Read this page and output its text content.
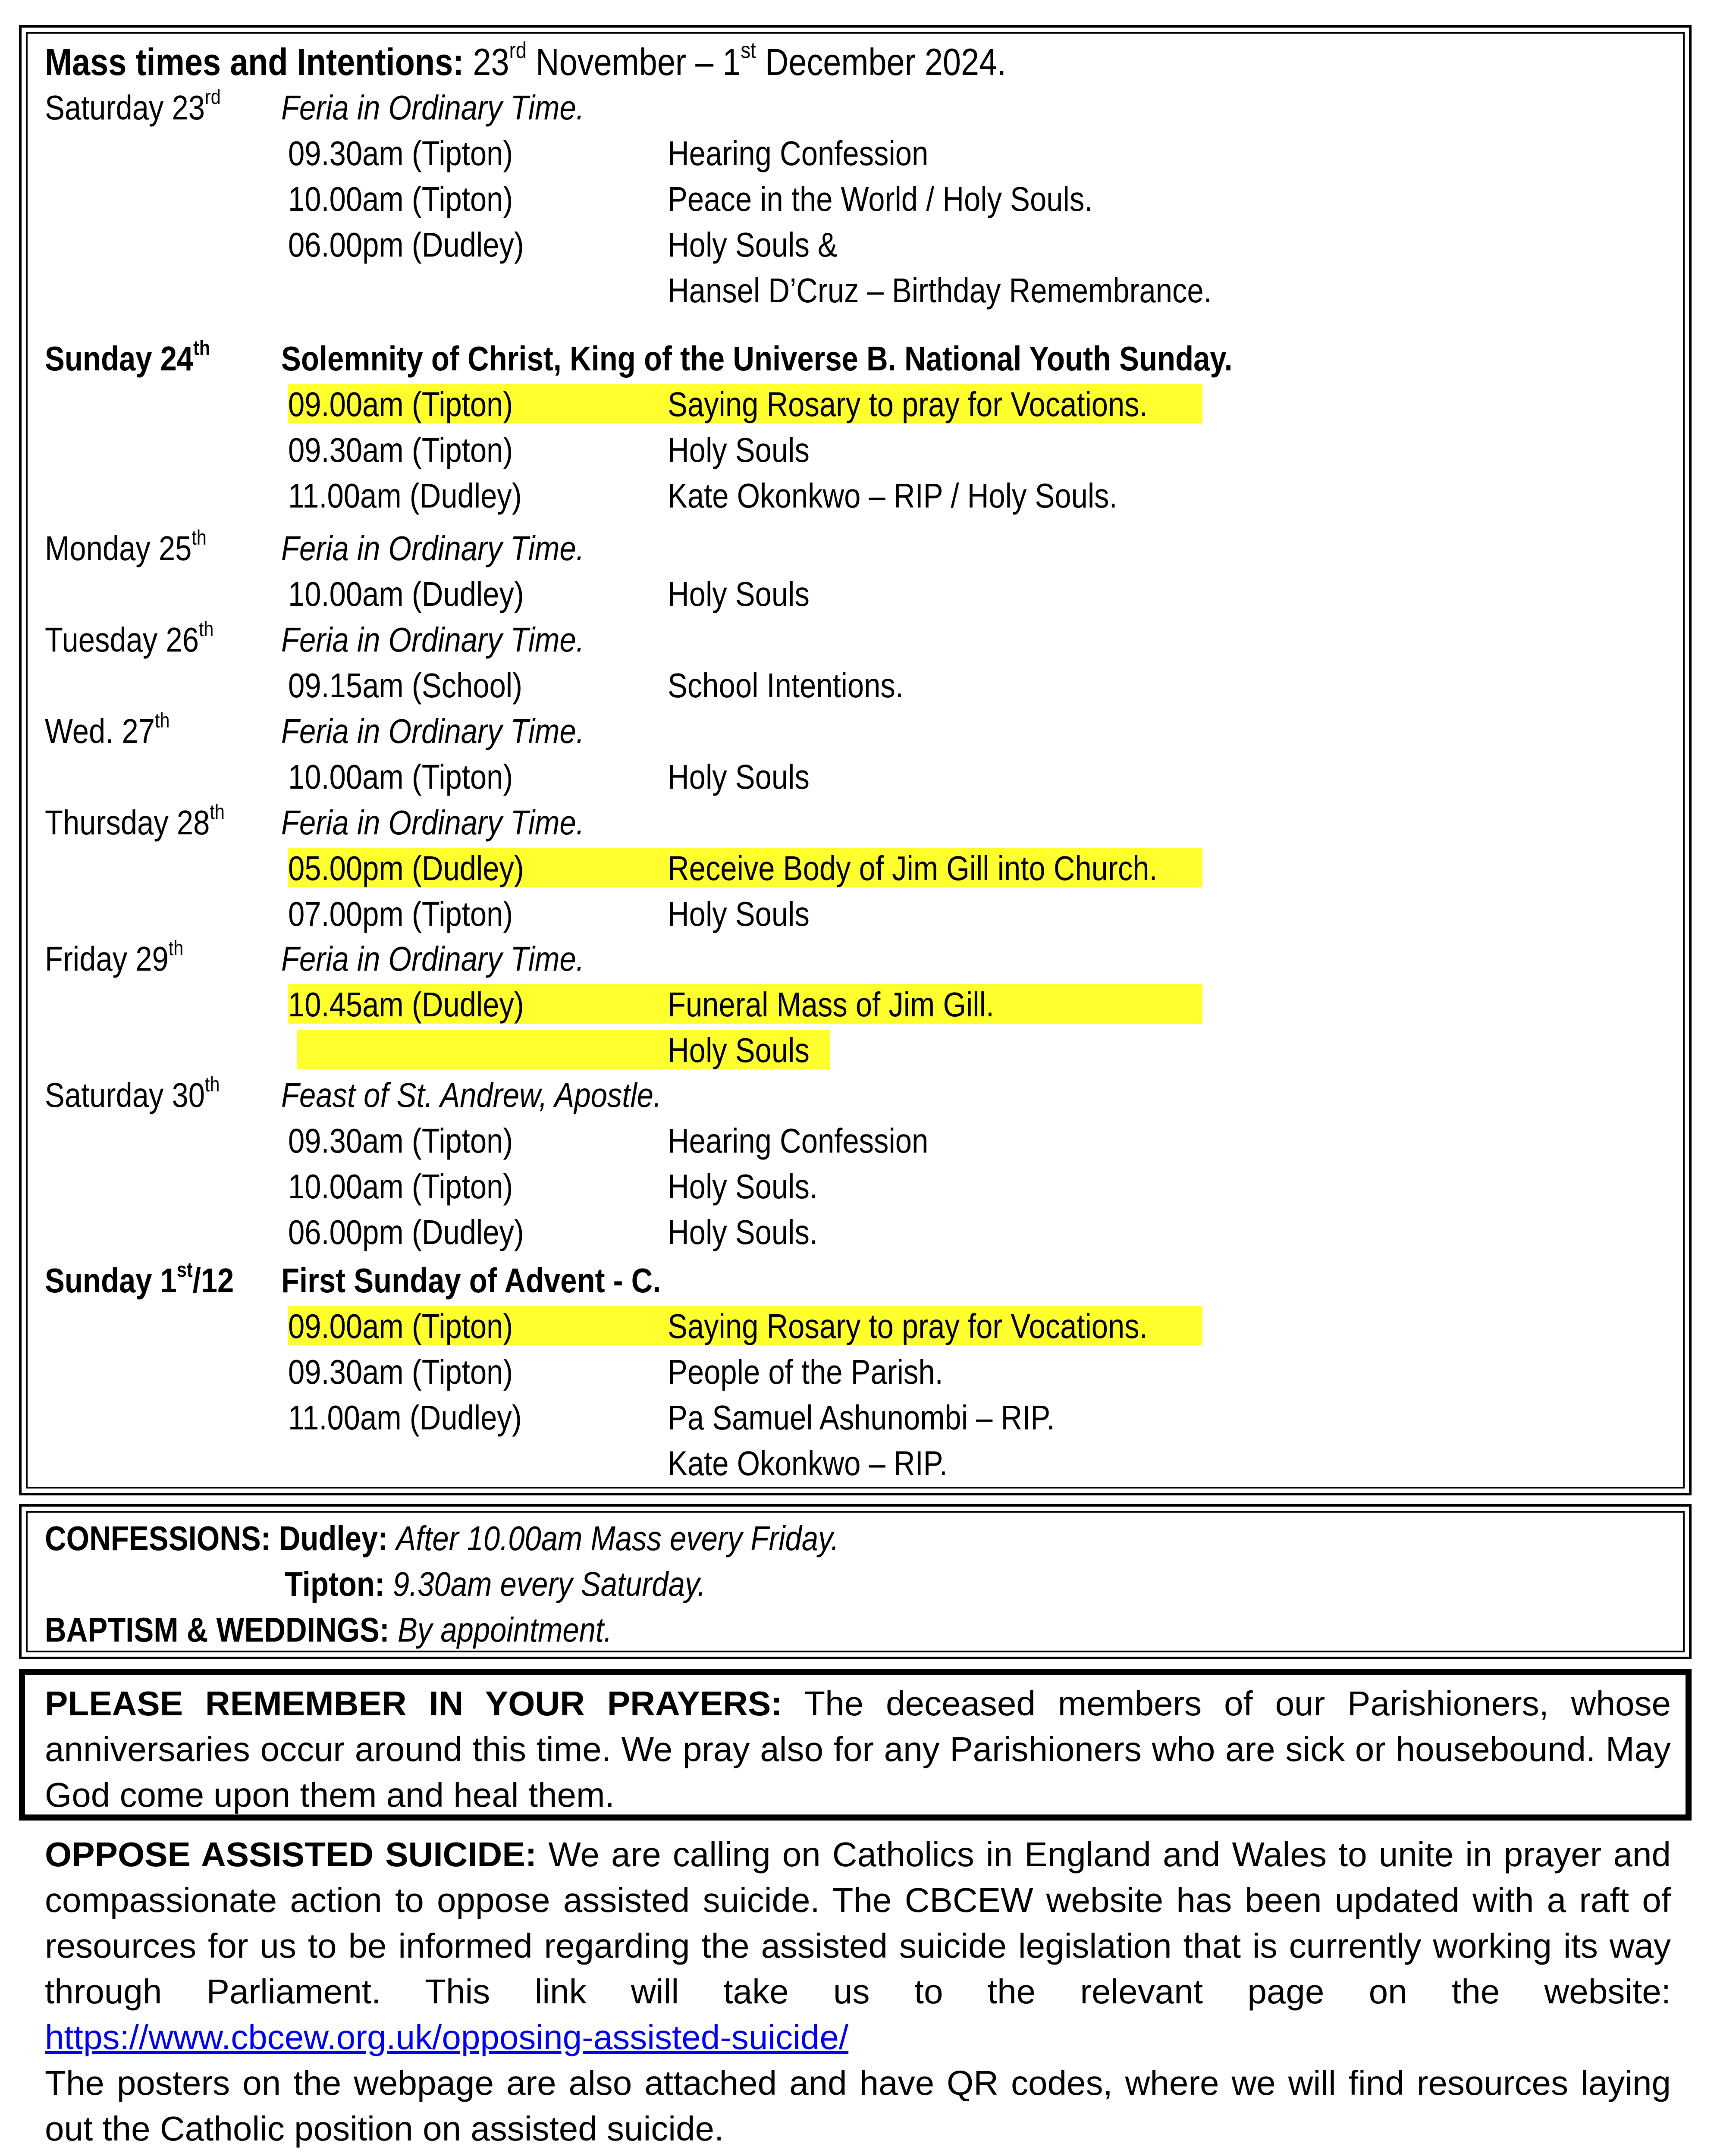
Mass times and Intentions: 23rd November – 1st December 2024.
Saturday 23rd	Feria in Ordinary Time.
09.30am (Tipton)	Hearing Confession
10.00am (Tipton)	Peace in the World / Holy Souls.
06.00pm (Dudley)	Holy Souls &
Hansel D’Cruz – Birthday Remembrance.
Sunday 24th	Solemnity of Christ, King of the Universe B. National Youth Sunday.
09.00am (Tipton)	Saying Rosary to pray for Vocations.
09.30am (Tipton)	Holy Souls
11.00am (Dudley)	Kate Okonkwo – RIP / Holy Souls.
Monday 25th	Feria in Ordinary Time.
10.00am (Dudley)	Holy Souls
Tuesday 26th	Feria in Ordinary Time.
09.15am (School)	School Intentions.
Wed. 27th	Feria in Ordinary Time.
10.00am (Tipton)	Holy Souls
Thursday 28th	Feria in Ordinary Time.
05.00pm (Dudley)	Receive Body of Jim Gill into Church.
07.00pm (Tipton)	Holy Souls
Friday 29th	Feria in Ordinary Time.
10.45am (Dudley)	Funeral Mass of Jim Gill.
Holy Souls
Saturday 30th	Feast of St. Andrew, Apostle.
09.30am (Tipton)	Hearing Confession
10.00am (Tipton)	Holy Souls.
06.00pm (Dudley)	Holy Souls.
Sunday 1st/12	First Sunday of Advent - C.
09.00am (Tipton)	Saying Rosary to pray for Vocations.
09.30am (Tipton)	People of the Parish.
11.00am (Dudley)	Pa Samuel Ashunombi – RIP.
Kate Okonkwo – RIP.
CONFESSIONS: Dudley: After 10.00am Mass every Friday.
Tipton: 9.30am every Saturday.
BAPTISM & WEDDINGS: By appointment.
PLEASE REMEMBER IN YOUR PRAYERS: The deceased members of our Parishioners, whose anniversaries occur around this time. We pray also for any Parishioners who are sick or housebound. May God come upon them and heal them.
OPPOSE ASSISTED SUICIDE: We are calling on Catholics in England and Wales to unite in prayer and compassionate action to oppose assisted suicide. The CBCEW website has been updated with a raft of resources for us to be informed regarding the assisted suicide legislation that is currently working its way through Parliament. This link will take us to the relevant page on the website: https://www.cbcew.org.uk/opposing-assisted-suicide/
The posters on the webpage are also attached and have QR codes, where we will find resources laying out the Catholic position on assisted suicide.
